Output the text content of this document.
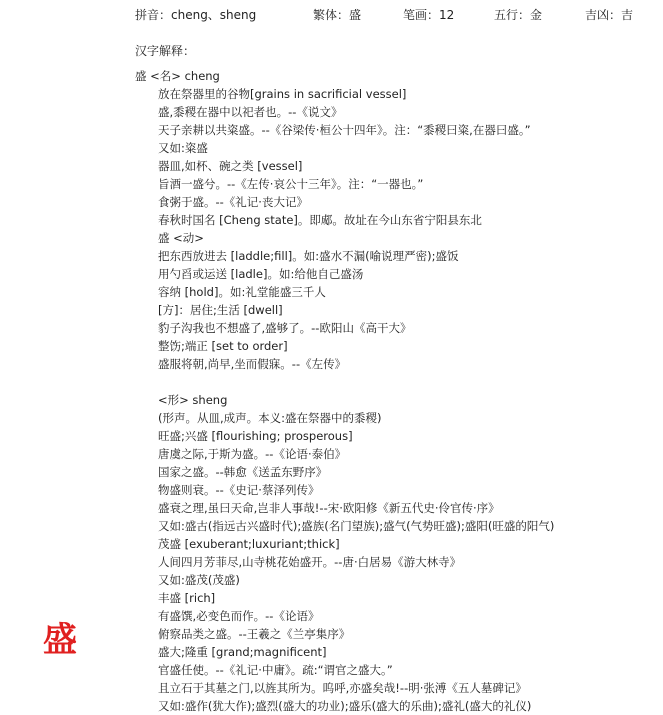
拼音：cheng、sheng	繁体：盛	笔画：12	五行：金	吉凶：吉
汉字解释：
盛 <名> cheng
放在祭器里的谷物[grains in sacrificial vessel]
盛,黍稷在器中以祀者也。--《说文》
天子亲耕以共粢盛。--《谷梁传·桓公十四年》。注：“黍稷曰粢,在器曰盛。”
又如:粢盛
器皿,如杯、碗之类 [vessel]
旨酒一盛兮。--《左传·哀公十三年》。注：“一器也。”
食粥于盛。--《礼记·丧大记》
春秋时国名 [Cheng state]。即郕。故址在今山东省宁阳县东北
盛 <动>
把东西放进去 [laddle;fill]。如:盛水不漏(喻说理严密);盛饭
用勺舀或运送 [ladle]。如:给他自己盛汤
容纳 [hold]。如:礼堂能盛三千人
[方]：居住;生活 [dwell]
豹子沟我也不想盛了,盛够了。--欧阳山《高干大》
整饬;端正 [set to order]
盛服将朝,尚早,坐而假寐。--《左传》
<形> sheng
(形声。从皿,成声。本义:盛在祭器中的黍稷)
旺盛;兴盛 [flourishing; prosperous]
唐虞之际,于斯为盛。--《论语·泰伯》
国家之盛。--韩愈《送孟东野序》
物盛则衰。--《史记·蔡泽列传》
盛衰之理,虽曰天命,岂非人事哉!--宋·欧阳修《新五代史·伶官传·序》
又如:盛古(指远古兴盛时代);盛族(名门望族);盛气(气势旺盛);盛阳(旺盛的阳气)
茂盛 [exuberant;luxuriant;thick]
人间四月芳菲尽,山寺桃花始盛开。--唐·白居易《游大林寺》
又如:盛茂(茂盛)
丰盛 [rich]
有盛馔,必变色而作。--《论语》
俯察品类之盛。--王羲之《兰亭集序》
盛大;隆重 [grand;magnificent]
官盛任使。--《礼记·中庸》。疏:“谓官之盛大。”
且立石于其墓之门,以旌其所为。呜呼,亦盛矣哉!--明·张溥《五人墓碑记》
又如:盛作(犹大作);盛烈(盛大的功业);盛乐(盛大的乐曲);盛礼(盛大的礼仪)
盛
